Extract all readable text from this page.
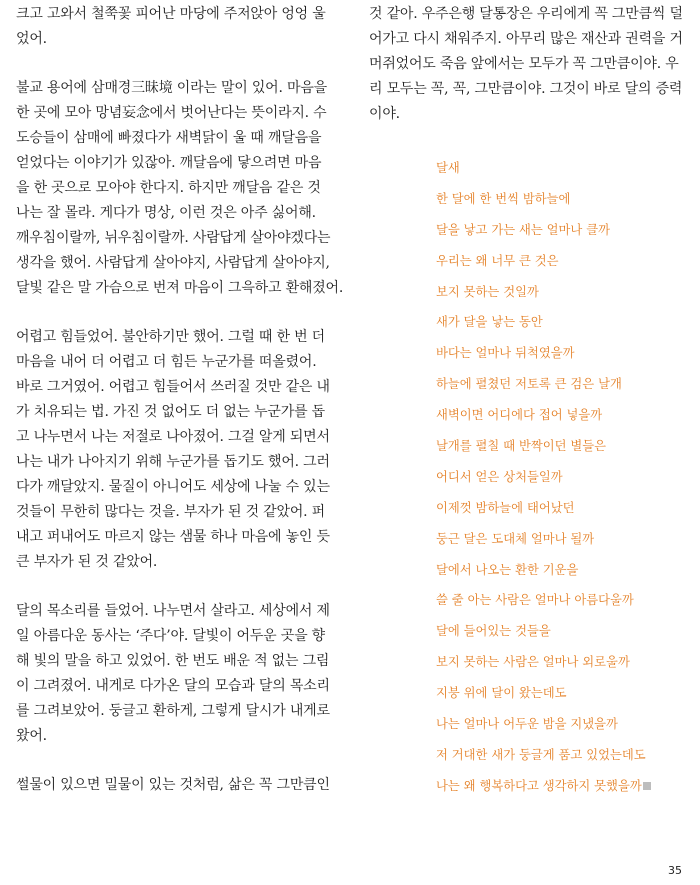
크고 고와서 철쭉꽃 피어난 마당에 주저앉아 엉엉 울
었어.

불교 용어에 삼매경三昧境 이라는 말이 있어. 마음을
한 곳에 모아 망념妄念에서 벗어난다는 뜻이라지. 수
도승들이 삼매에 빠졌다가 새벽닭이 울 때 깨달음을
얻었다는 이야기가 있잖아. 깨달음에 닿으려면 마음
을 한 곳으로 모아야 한다지. 하지만 깨달음 같은 것
나는 잘 몰라. 게다가 명상, 이런 것은 아주 싫어해.
깨우침이랄까, 뉘우침이랄까. 사람답게 살아야겠다는
생각을 했어. 사람답게 살아야지, 사람답게 살아야지,
달빛 같은 말 가슴으로 번져 마음이 그윽하고 환해졌어.

어렵고 힘들었어. 불안하기만 했어. 그럴 때 한 번 더
마음을 내어 더 어렵고 더 힘든 누군가를 떠올렸어.
바로 그거였어. 어렵고 힘들어서 쓰러질 것만 같은 내
가 치유되는 법. 가진 것 없어도 더 없는 누군가를 돕
고 나누면서 나는 저절로 나아졌어. 그걸 알게 되면서
나는 내가 나아지기 위해 누군가를 돕기도 했어. 그러
다가 깨달았지. 물질이 아니어도 세상에 나눌 수 있는
것들이 무한히 많다는 것을. 부자가 된 것 같았어. 퍼
내고 퍼내어도 마르지 않는 샘물 하나 마음에 놓인 듯
큰 부자가 된 것 같았어.

달의 목소리를 들었어. 나누면서 살라고. 세상에서 제
일 아름다운 동사는 ‘주다’야. 달빛이 어두운 곳을 향
해 빛의 말을 하고 있었어. 한 번도 배운 적 없는 그림
이 그려졌어. 내게로 다가온 달의 모습과 달의 목소리
를 그려보았어. 둥글고 환하게, 그렇게 달시가 내게로
왔어.

썰물이 있으면 밀물이 있는 것처럼, 삶은 꼭 그만큼인

것 같아. 우주은행 달통장은 우리에게 꼭 그만큼씩 덜
어가고 다시 채워주지. 아무리 많은 재산과 권력을 거
머쥐었어도 죽음 앞에서는 모두가 꼭 그만큼이야. 우
리 모두는 꼭, 꼭, 그만큼이야. 그것이 바로 달의 증력
이야.
달새
한 달에 한 번씩 밤하늘에
달을 낳고 가는 새는 얼마나 클까
우리는 왜 너무 큰 것은
보지 못하는 것일까
새가 달을 낳는 동안
바다는 얼마나 뒤척였을까
하늘에 펼쳤던 저토록 큰 검은 날개
새벽이면 어디에다 접어 넣을까
날개를 펼칠 때 반짝이던 별들은
어디서 얻은 상처들일까
이제껏 밤하늘에 태어났던
둥근 달은 도대체 얼마나 될까
달에서 나오는 환한 기운을
쓸 줄 아는 사람은 얼마나 아름다울까
달에 들어있는 것들을
보지 못하는 사람은 얼마나 외로울까
지붕 위에 달이 왔는데도
나는 얼마나 어두운 밤을 지냈을까
저 거대한 새가 둥글게 품고 있었는데도
나는 왜 행복하다고 생각하지 못했을까
35
